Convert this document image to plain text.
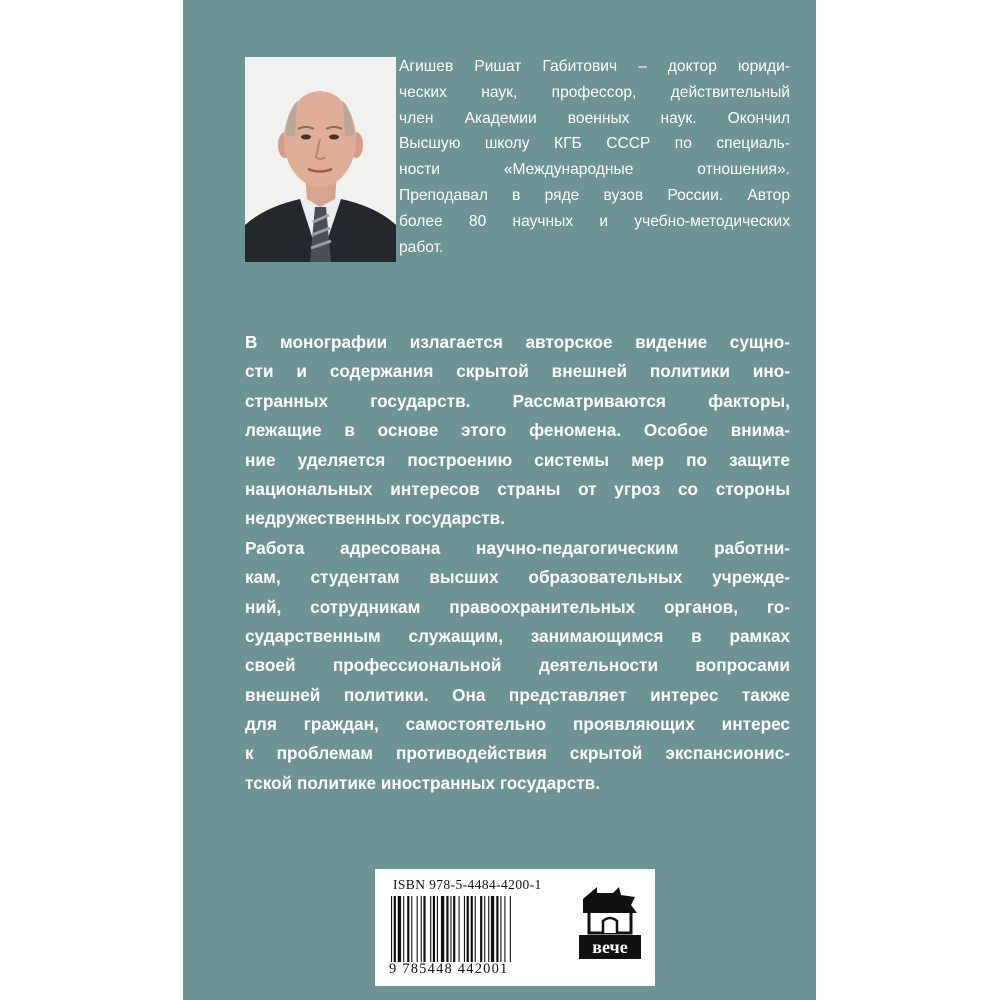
Агишев Ришат Габитович – доктор юриди-
ческих наук, профессор, действительный
член Академии военных наук. Окончил
Высшую школу КГБ СССР по специаль-
ности «Международные отношения».
Преподавал в ряде вузов России. Автор
более 80 научных и учебно-методических
работ.
В монографии излагается авторское видение сущно-
сти и содержания скрытой внешней политики ино-
странных государств. Рассматриваются факторы,
лежащие в основе этого феномена. Особое внима-
ние уделяется построению системы мер по защите
национальных интересов страны от угроз со стороны
недружественных государств.
Работа адресована научно-педагогическим работни-
кам, студентам высших образовательных учрежде-
ний, сотрудникам правоохранительных органов, го-
сударственным служащим, занимающимся в рамках
своей профессиональной деятельности вопросами
внешней политики. Она представляет интерес также
для граждан, самостоятельно проявляющих интерес
к проблемам противодействия скрытой экспансионис-
тской политике иностранных государств.
ISBN 978-5-4484-4200-1
9 785448 442001
вече
